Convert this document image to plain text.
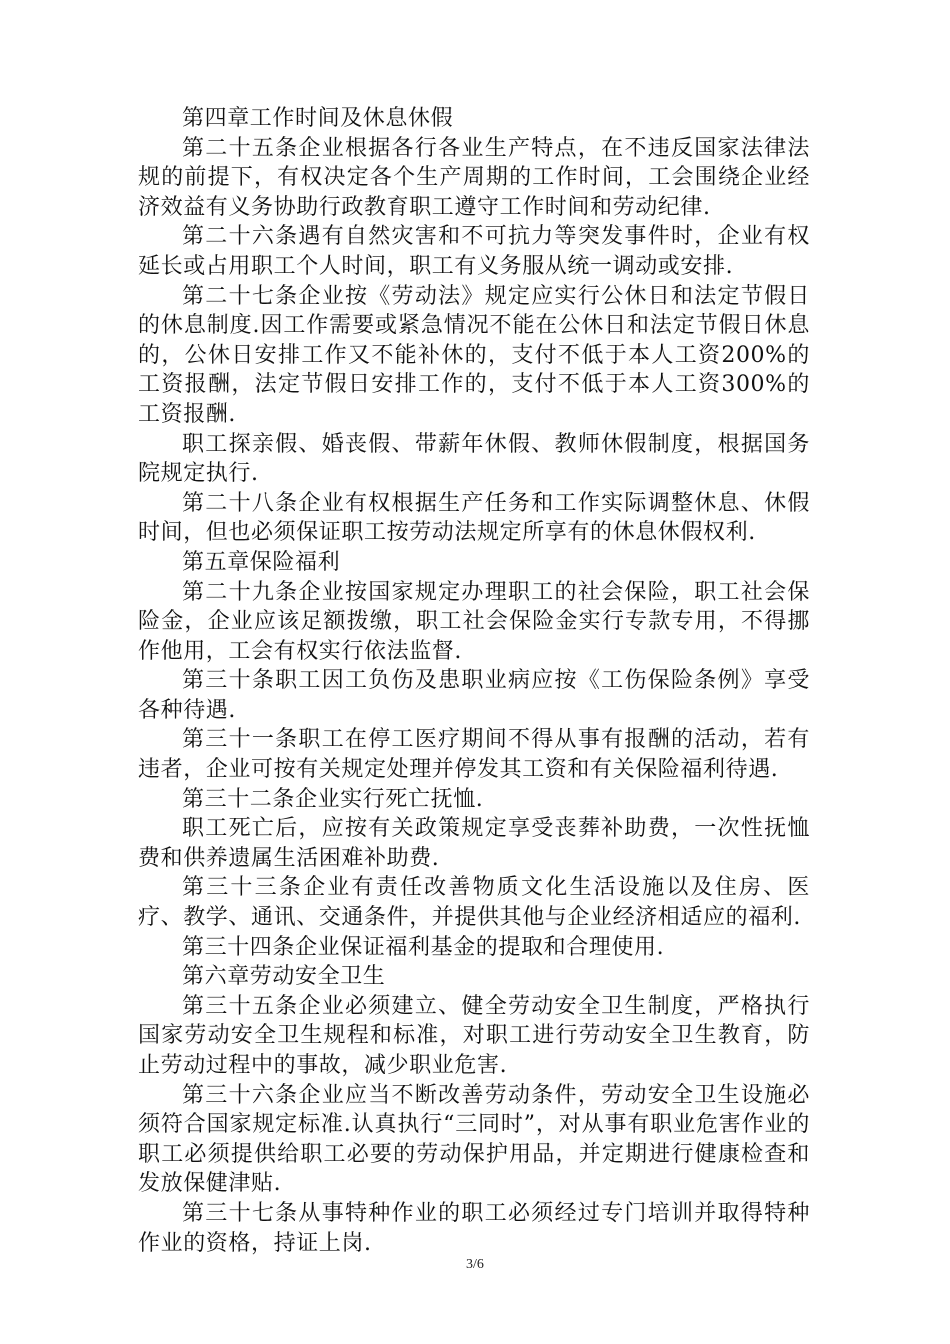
第四章工作时间及休息休假

第二十五条企业根据各行各业生产特点，在不违反国家法律法规的前提下，有权决定各个生产周期的工作时间，工会围绕企业经济效益有义务协助行政教育职工遵守工作时间和劳动纪律.

第二十六条遇有自然灾害和不可抗力等突发事件时，企业有权延长或占用职工个人时间，职工有义务服从统一调动或安排.

第二十七条企业按《劳动法》规定应实行公休日和法定节假日的休息制度.因工作需要或紧急情况不能在公休日和法定节假日休息的，公休日安排工作又不能补休的，支付不低于本人工资200%的工资报酬，法定节假日安排工作的，支付不低于本人工资300%的工资报酬.

职工探亲假、婚丧假、带薪年休假、教师休假制度，根据国务院规定执行.

第二十八条企业有权根据生产任务和工作实际调整休息、休假时间，但也必须保证职工按劳动法规定所享有的休息休假权利.

第五章保险福利

第二十九条企业按国家规定办理职工的社会保险，职工社会保险金，企业应该足额拨缴，职工社会保险金实行专款专用，不得挪作他用，工会有权实行依法监督.

第三十条职工因工负伤及患职业病应按《工伤保险条例》享受各种待遇.

第三十一条职工在停工医疗期间不得从事有报酬的活动，若有违者，企业可按有关规定处理并停发其工资和有关保险福利待遇.

第三十二条企业实行死亡抚恤.

职工死亡后，应按有关政策规定享受丧葬补助费，一次性抚恤费和供养遗属生活困难补助费.

第三十三条企业有责任改善物质文化生活设施以及住房、医疗、教学、通讯、交通条件，并提供其他与企业经济相适应的福利.

第三十四条企业保证福利基金的提取和合理使用.

第六章劳动安全卫生

第三十五条企业必须建立、健全劳动安全卫生制度，严格执行国家劳动安全卫生规程和标准，对职工进行劳动安全卫生教育，防止劳动过程中的事故，减少职业危害.

第三十六条企业应当不断改善劳动条件，劳动安全卫生设施必须符合国家规定标准.认真执行“三同时”，对从事有职业危害作业的职工必须提供给职工必要的劳动保护用品，并定期进行健康检查和发放保健津贴.

第三十七条从事特种作业的职工必须经过专门培训并取得特种作业的资格，持证上岗.

3/6
